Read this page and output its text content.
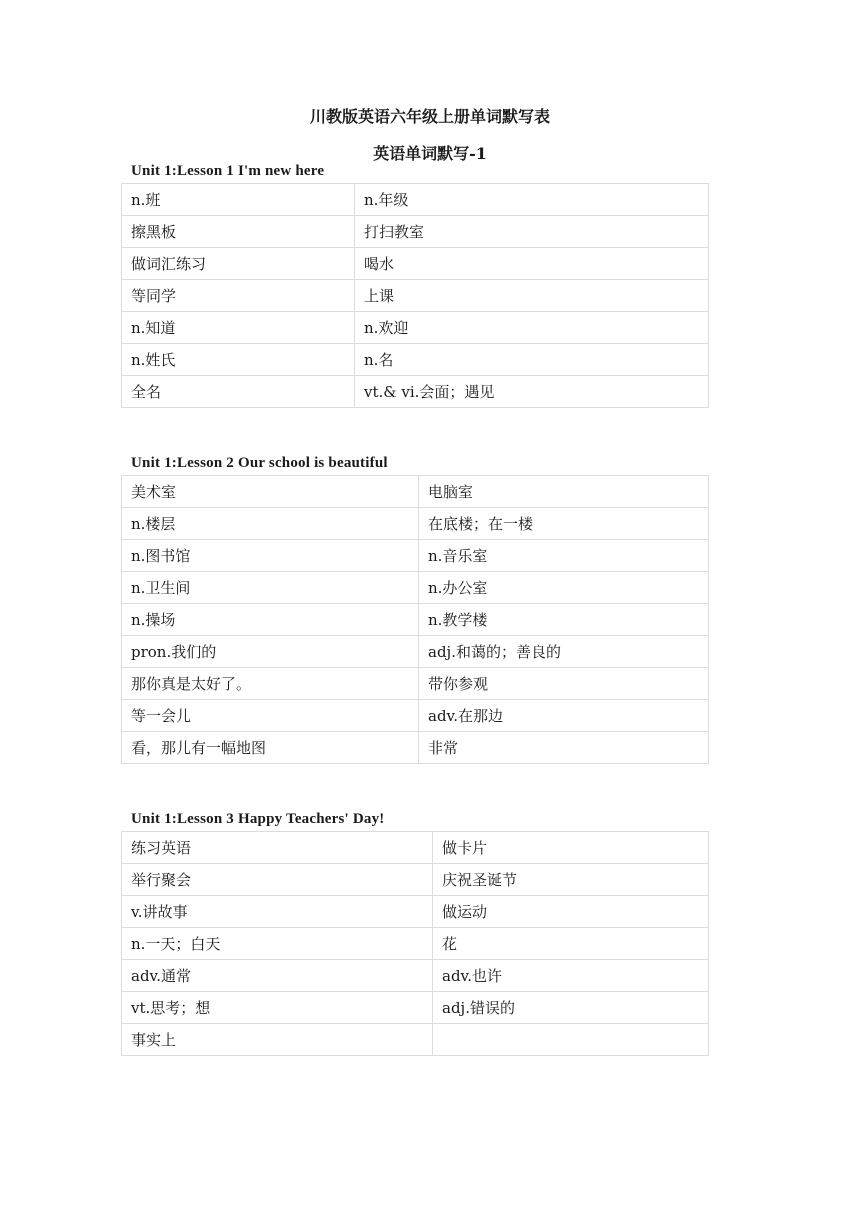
川教版英语六年级上册单词默写表
英语单词默写-1
Unit 1:Lesson 1 I'm new here
n.班	n.年级
擦黑板	打扫教室
做词汇练习	喝水
等同学	上课
n.知道	n.欢迎
n.姓氏	n.名
全名	vt.& vi.会面；遇见
Unit 1:Lesson 2 Our school is beautiful
美术室	电脑室
n.楼层	在底楼；在一楼
n.图书馆	n.音乐室
n.卫生间	n.办公室
n.操场	n.教学楼
pron.我们的	adj.和蔼的；善良的
那你真是太好了。	带你参观
等一会儿	adv.在那边
看，那儿有一幅地图	非常
Unit 1:Lesson 3 Happy Teachers' Day!
练习英语	做卡片
举行聚会	庆祝圣诞节
v.讲故事	做运动
n.一天；白天	花
adv.通常	adv.也许
vt.思考；想	adj.错误的
事实上	
